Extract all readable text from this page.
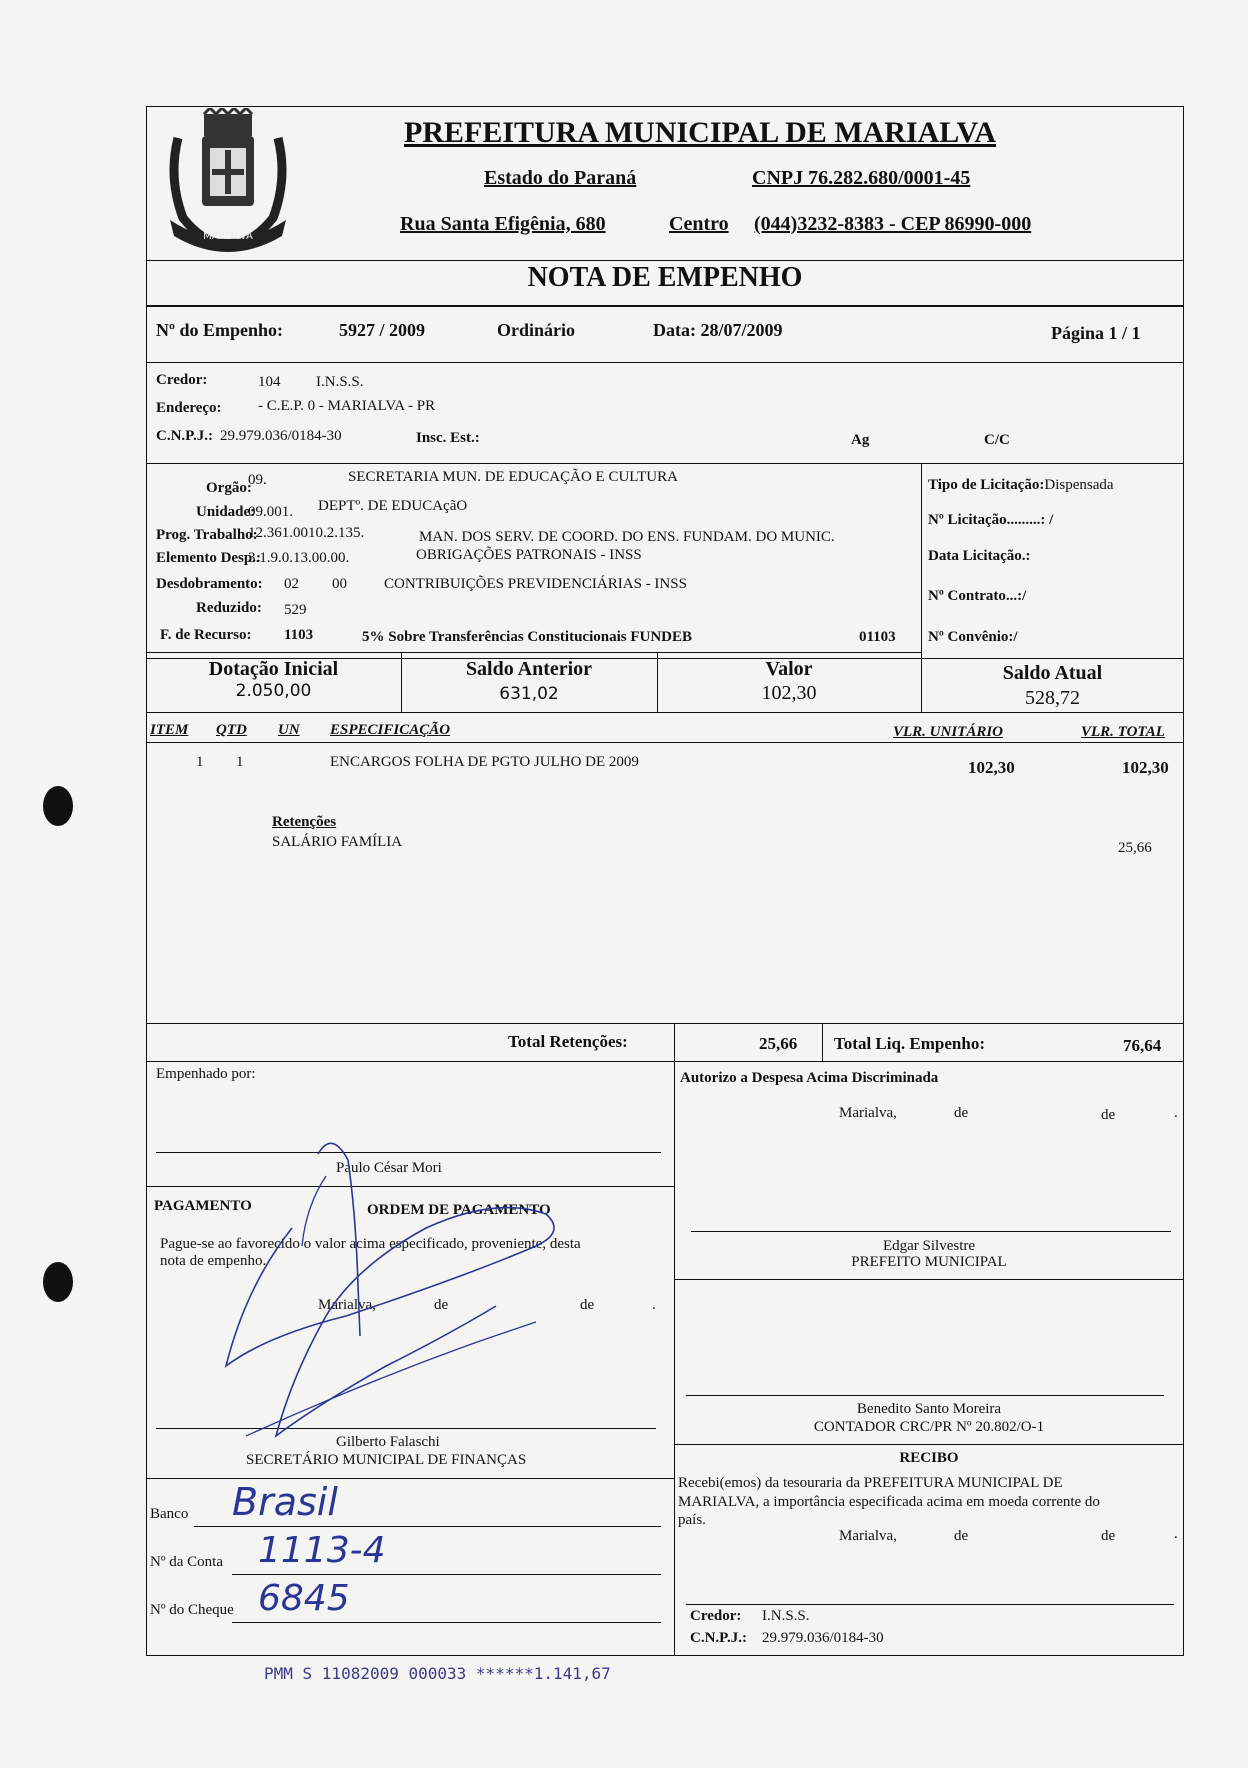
MARIALVA
PREFEITURA MUNICIPAL DE MARIALVA
Estado do Paraná	CNPJ 76.282.680/0001-45
Rua Santa Efigênia, 680	Centro (044)3232-8383 - CEP 86990-000
NOTA DE EMPENHO
Nº do Empenho:	5927 / 2009	Ordinário	Data: 28/07/2009	Página 1 / 1
Credor:	104 I.N.S.S.
Endereço: - C.E.P. 0 - MARIALVA - PR
C.N.P.J.: 29.979.036/0184-30	Insc. Est.:	Ag	C/C
Orgão:
09.	SECRETARIA MUN. DE EDUCAÇÃO E CULTURA
Unidade:
09.001. DEPTº. DE EDUCAçãO
Prog. Trabalho:
12.361.0010.2.135.	MAN. DOS SERV. DE COORD. DO ENS. FUNDAM. DO MUNIC.
Elemento Desp.:
3.1.9.0.13.00.00.	OBRIGAÇÕES PATRONAIS - INSS
Desdobramento: 02 00 CONTRIBUIÇÕES PREVIDENCIÁRIAS - INSS
Reduzido: 529
F. de Recurso: 1103	5% Sobre Transferências Constitucionais FUNDEB	01103
Tipo de Licitação:Dispensada
Nº Licitação.........: /
Data Licitação.:
Nº Contrato...:/
Nº Convênio:/
Dotação Inicial
2.050,00
Saldo Anterior
631,02
Valor
102,30
Saldo Atual
528,72
ITEM QTD UN ESPECIFICAÇÃO	VLR. UNITÁRIO	VLR. TOTAL
1 1	ENCARGOS FOLHA DE PGTO JULHO DE 2009	102,30	102,30
Retenções
SALÁRIO FAMÍLIA	25,66
Total Retenções:	25,66 Total Liq. Empenho:	76,64
Empenhado por:
Paulo César Mori
Autorizo a Despesa Acima Discriminada
Marialva,	de	de	.
Edgar Silvestre
PREFEITO MUNICIPAL
PAGAMENTO	ORDEM DE PAGAMENTO
Pague-se ao favorecido o valor acima especificado, proveniente, desta
nota de empenho.
Marialva,	de	de	.
Gilberto Falaschi
SECRETÁRIO MUNICIPAL DE FINANÇAS
Benedito Santo Moreira
CONTADOR CRC/PR Nº 20.802/O-1
RECIBO
Recebi(emos) da tesouraria da PREFEITURA MUNICIPAL DE
MARIALVA, a importância especificada acima em moeda corrente do
país.
Marialva,	de	de	.
Credor: I.N.S.S.
C.N.P.J.: 29.979.036/0184-30
Banco Brasil
Nº da Conta 1113-4
Nº do Cheque 6845
PMM S 11082009 000033 ******1.141,67
